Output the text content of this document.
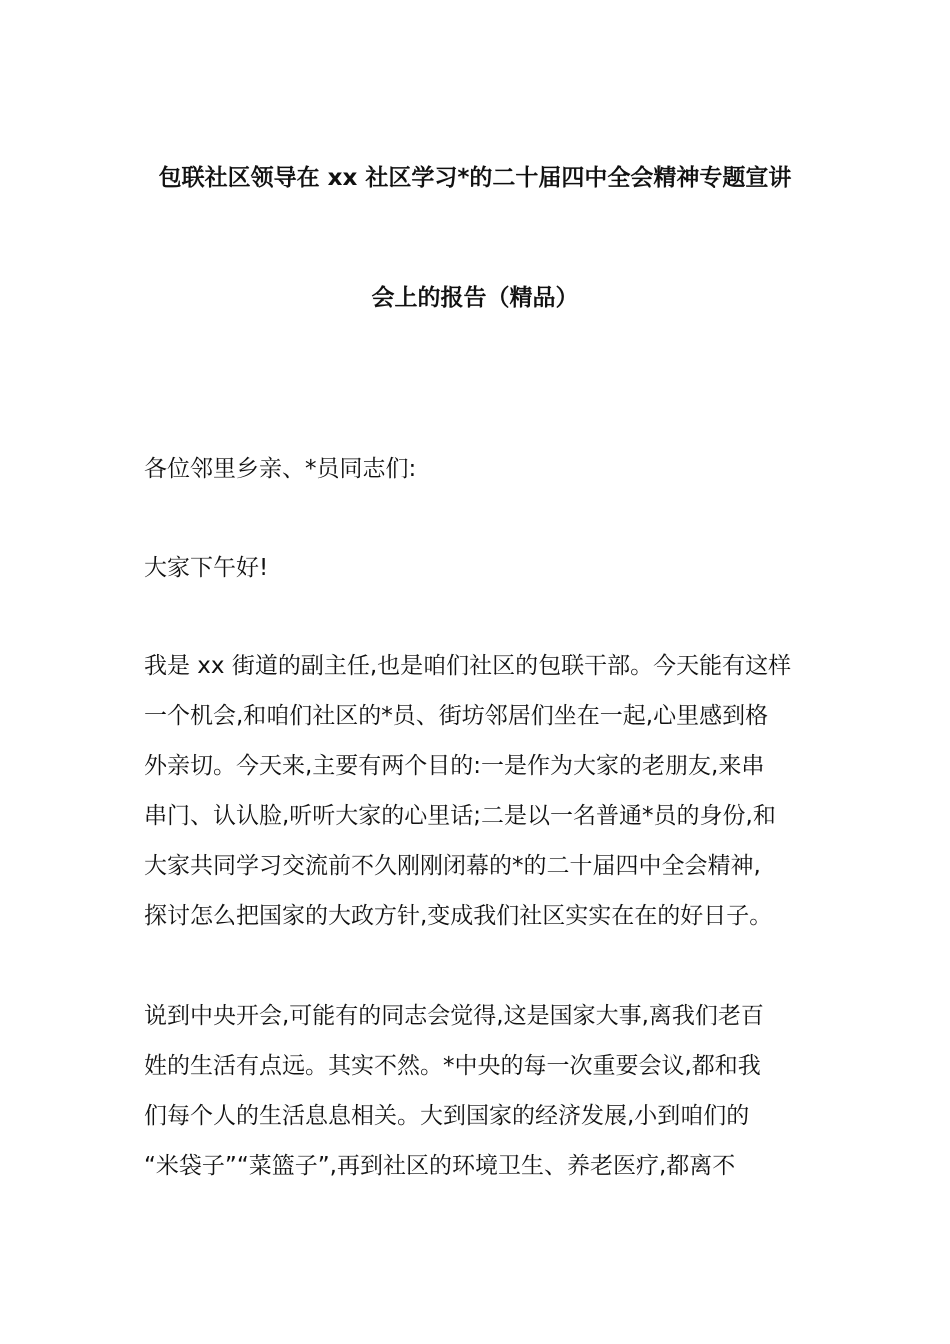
包联社区领导在 xx 社区学习*的二十届四中全会精神专题宣讲
会上的报告（精品）
各位邻里乡亲、*员同志们:
大家下午好!
我是 xx 街道的副主任,也是咱们社区的包联干部。今天能有这样
一个机会,和咱们社区的*员、街坊邻居们坐在一起,心里感到格
外亲切。今天来,主要有两个目的:一是作为大家的老朋友,来串
串门、认认脸,听听大家的心里话;二是以一名普通*员的身份,和
大家共同学习交流前不久刚刚闭幕的*的二十届四中全会精神,
探讨怎么把国家的大政方针,变成我们社区实实在在的好日子。
说到中央开会,可能有的同志会觉得,这是国家大事,离我们老百
姓的生活有点远。其实不然。*中央的每一次重要会议,都和我
们每个人的生活息息相关。大到国家的经济发展,小到咱们的
“米袋子”“菜篮子”,再到社区的环境卫生、养老医疗,都离不
